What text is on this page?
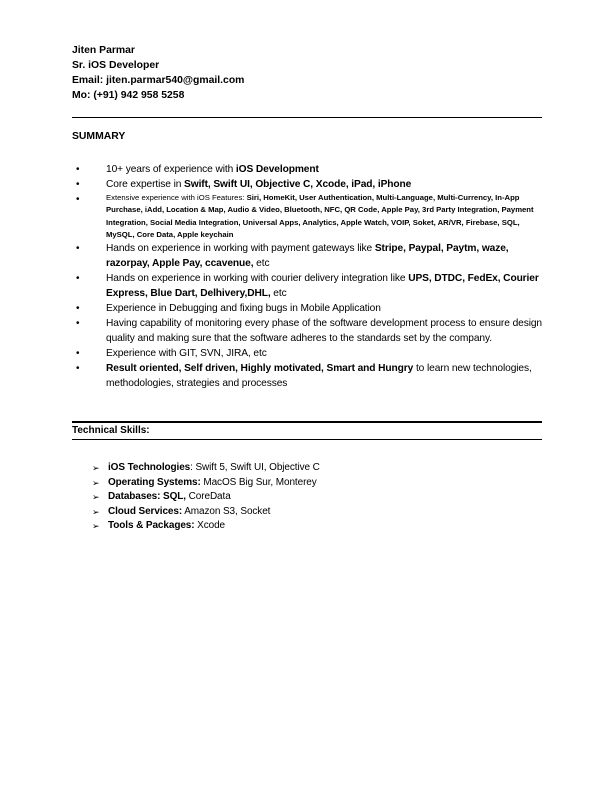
Jiten Parmar
Sr. iOS Developer
Email: jiten.parmar540@gmail.com
Mo: (+91) 942 958 5258
SUMMARY
•	10+ years of experience with iOS Development
•	Core expertise in Swift, Swift UI, Objective C, Xcode, iPad, iPhone
•	Extensive experience with iOS Features: Siri, HomeKit, User Authentication, Multi-Language, Multi-Currency, In-App Purchase, iAdd, Location & Map, Audio & Video, Bluetooth, NFC, QR Code, Apple Pay, 3rd Party Integration, Payment Integration, Social Media Integration, Universal Apps, Analytics, Apple Watch, VOIP, Soket, AR/VR, Firebase, SQL, MySQL, Core Data, Apple keychain
•	Hands on experience in working with payment gateways like Stripe, Paypal, Paytm, waze, razorpay, Apple Pay, ccavenue, etc
•	Hands on experience in working with courier delivery integration like UPS, DTDC, FedEx, Courier Express, Blue Dart, Delhivery,DHL, etc
•	Experience in Debugging and fixing bugs in Mobile Application
•	Having capability of monitoring every phase of the software development process to ensure design quality and making sure that the software adheres to the standards set by the company.
•	Experience with GIT, SVN, JIRA, etc
•	Result oriented, Self driven, Highly motivated, Smart and Hungry to learn new technologies, methodologies, strategies and processes
Technical Skills:
➢ iOS Technologies: Swift 5, Swift UI, Objective C
➢ Operating Systems: MacOS Big Sur, Monterey
➢ Databases: SQL, CoreData
➢ Cloud Services: Amazon S3, Socket
➢ Tools & Packages: Xcode
